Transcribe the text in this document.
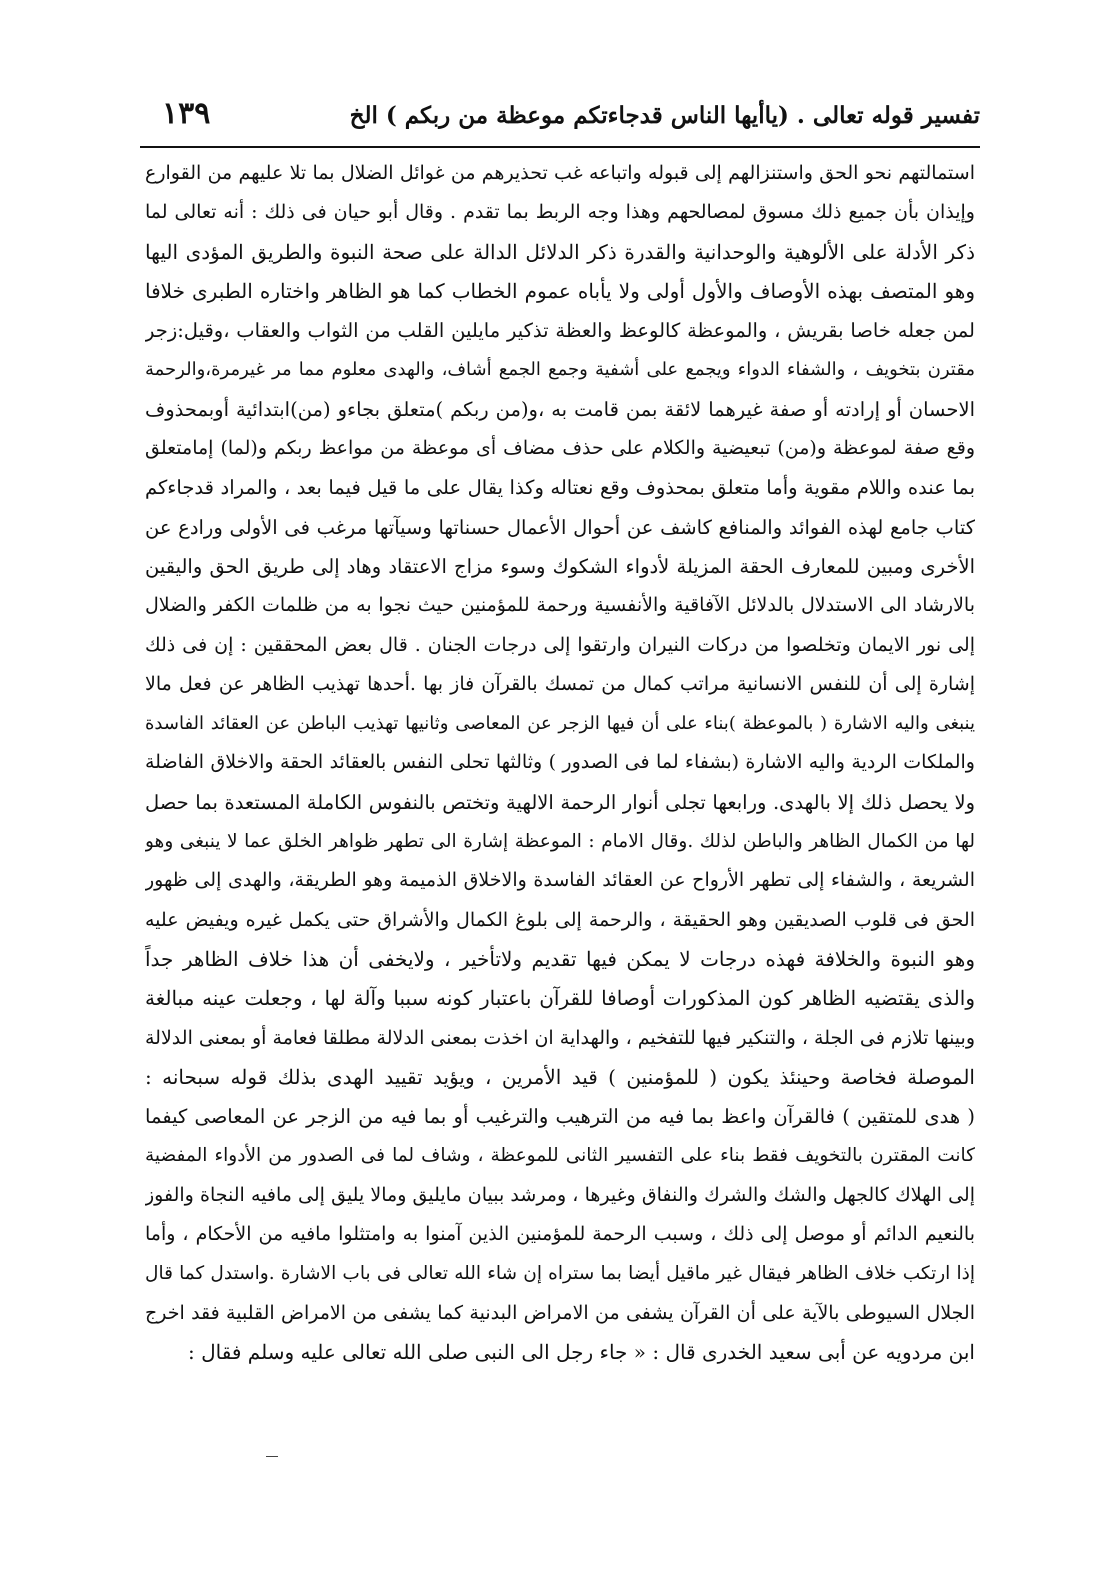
تفسير قوله تعالى . (ياأيها الناس قدجاءتكم موعظة من ربكم ) الخ
١٣٩
استمالتهم نحو الحق واستنزالهم إلى قبوله واتباعه غب تحذيرهم من غوائل الضلال بما تلا عليهم من القوارع
وإيذان بأن جميع ذلك مسوق لمصالحهم وهذا وجه الربط بما تقدم . وقال أبو حيان فى ذلك : أنه تعالى لما
ذكر الأدلة على الألوهية والوحدانية والقدرة ذكر الدلائل الدالة على صحة النبوة والطريق المؤدى اليها
وهو المتصف بهذه الأوصاف والأول أولى ولا يأباه عموم الخطاب كما هو الظاهر واختاره الطبرى خلافا
لمن جعله خاصا بقريش ، والموعظة كالوعظ والعظة تذكير مايلين القلب من الثواب والعقاب ،وقيل:زجر
مقترن بتخويف ، والشفاء الدواء ويجمع على أشفية وجمع الجمع أشاف، والهدى معلوم مما مر غيرمرة،والرحمة
الاحسان أو إرادته أو صفة غيرهما لائقة بمن قامت به ،و(من ربكم )متعلق بجاءو (من)ابتدائية أوبمحذوف
وقع صفة لموعظة و(من) تبعيضية والكلام على حذف مضاف أى موعظة من مواعظ ربكم و(لما) إمامتعلق
بما عنده واللام مقوية وأما متعلق بمحذوف وقع نعتاله وكذا يقال على ما قيل فيما بعد ، والمراد قدجاءكم
كتاب جامع لهذه الفوائد والمنافع كاشف عن أحوال الأعمال حسناتها وسيآتها مرغب فى الأولى ورادع عن
الأخرى ومبين للمعارف الحقة المزيلة لأدواء الشكوك وسوء مزاج الاعتقاد وهاد إلى طريق الحق واليقين
بالارشاد الى الاستدلال بالدلائل الآفاقية والأنفسية ورحمة للمؤمنين حيث نجوا به من ظلمات الكفر والضلال
إلى نور الايمان وتخلصوا من دركات النيران وارتقوا إلى درجات الجنان . قال بعض المحققين : إن فى ذلك
إشارة إلى أن للنفس الانسانية مراتب كمال من تمسك بالقرآن فاز بها .أحدها تهذيب الظاهر عن فعل مالا
ينبغى واليه الاشارة ( بالموعظة )بناء على أن فيها الزجر عن المعاصى وثانيها تهذيب الباطن عن العقائد الفاسدة
والملكات الردية واليه الاشارة (بشفاء لما فى الصدور ) وثالثها تحلى النفس بالعقائد الحقة والاخلاق الفاضلة
ولا يحصل ذلك إلا بالهدى. ورابعها تجلى أنوار الرحمة الالهية وتختص بالنفوس الكاملة المستعدة بما حصل
لها من الكمال الظاهر والباطن لذلك .وقال الامام : الموعظة إشارة الى تطهر ظواهر الخلق عما لا ينبغى وهو
الشريعة ، والشفاء إلى تطهر الأرواح عن العقائد الفاسدة والاخلاق الذميمة وهو الطريقة، والهدى إلى ظهور
الحق فى قلوب الصديقين وهو الحقيقة ، والرحمة إلى بلوغ الكمال والأشراق حتى يكمل غيره ويفيض عليه
وهو النبوة والخلافة فهذه درجات لا يمكن فيها تقديم ولاتأخير ، ولايخفى أن هذا خلاف الظاهر جداً
والذى يقتضيه الظاهر كون المذكورات أوصافا للقرآن باعتبار كونه سببا وآلة لها ، وجعلت عينه مبالغة
وبينها تلازم فى الجلة ، والتنكير فيها للتفخيم ، والهداية ان اخذت بمعنى الدلالة مطلقا فعامة أو بمعنى الدلالة
الموصلة فخاصة وحينئذ يكون ( للمؤمنين ) قيد الأمرين ، ويؤيد تقييد الهدى بذلك قوله سبحانه :
( هدى للمتقين ) فالقرآن واعظ بما فيه من الترهيب والترغيب أو بما فيه من الزجر عن المعاصى كيفما
كانت المقترن بالتخويف فقط بناء على التفسير الثانى للموعظة ، وشاف لما فى الصدور من الأدواء المفضية
إلى الهلاك كالجهل والشك والشرك والنفاق وغيرها ، ومرشد ببيان مايليق ومالا يليق إلى مافيه النجاة والفوز
بالنعيم الدائم أو موصل إلى ذلك ، وسبب الرحمة للمؤمنين الذين آمنوا به وامتثلوا مافيه من الأحكام ، وأما
إذا ارتكب خلاف الظاهر فيقال غير ماقيل أيضا بما ستراه إن شاء الله تعالى فى باب الاشارة .واستدل كما قال
الجلال السيوطى بالآية على أن القرآن يشفى من الامراض البدنية كما يشفى من الامراض القلبية فقد اخرج
ابن مردويه عن أبى سعيد الخدرى قال : « جاء رجل الى النبى صلى الله تعالى عليه وسلم فقال :
